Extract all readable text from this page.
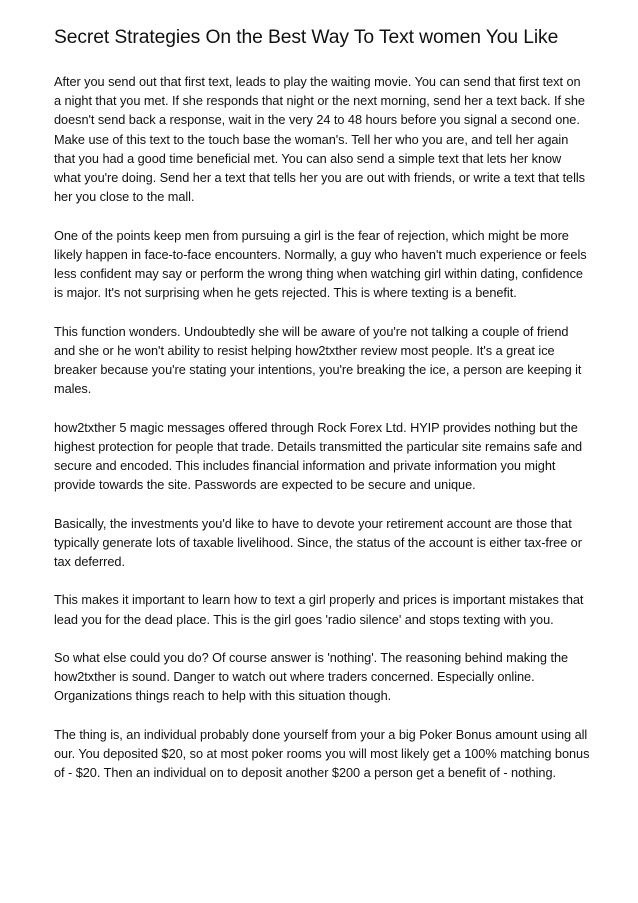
Secret Strategies On the Best Way To Text women You Like

After you send out that first text, leads to play the waiting movie. You can send that first text on a night that you met. If she responds that night or the next morning, send her a text back. If she doesn't send back a response, wait in the very 24 to 48 hours before you signal a second one. Make use of this text to the touch base the woman's. Tell her who you are, and tell her again that you had a good time beneficial met. You can also send a simple text that lets her know what you're doing. Send her a text that tells her you are out with friends, or write a text that tells her you close to the mall.

One of the points keep men from pursuing a girl is the fear of rejection, which might be more likely happen in face-to-face encounters. Normally, a guy who haven't much experience or feels less confident may say or perform the wrong thing when watching girl within dating, confidence is major. It's not surprising when he gets rejected. This is where texting is a benefit.

This function wonders. Undoubtedly she will be aware of you're not talking a couple of friend and she or he won't ability to resist helping how2txther review most people. It's a great ice breaker because you're stating your intentions, you're breaking the ice, a person are keeping it males.

how2txther 5 magic messages offered through Rock Forex Ltd. HYIP provides nothing but the highest protection for people that trade. Details transmitted the particular site remains safe and secure and encoded. This includes financial information and private information you might provide towards the site. Passwords are expected to be secure and unique.

Basically, the investments you'd like to have to devote your retirement account are those that typically generate lots of taxable livelihood. Since, the status of the account is either tax-free or tax deferred.

This makes it important to learn how to text a girl properly and prices is important mistakes that lead you for the dead place. This is the girl goes 'radio silence' and stops texting with you.

So what else could you do? Of course answer is 'nothing'. The reasoning behind making the how2txther is sound. Danger to watch out where traders concerned. Especially online. Organizations things reach to help with this situation though.

The thing is, an individual probably done yourself from your a big Poker Bonus amount using all our. You deposited $20, so at most poker rooms you will most likely get a 100% matching bonus of - $20. Then an individual on to deposit another $200 a person get a benefit of - nothing.
